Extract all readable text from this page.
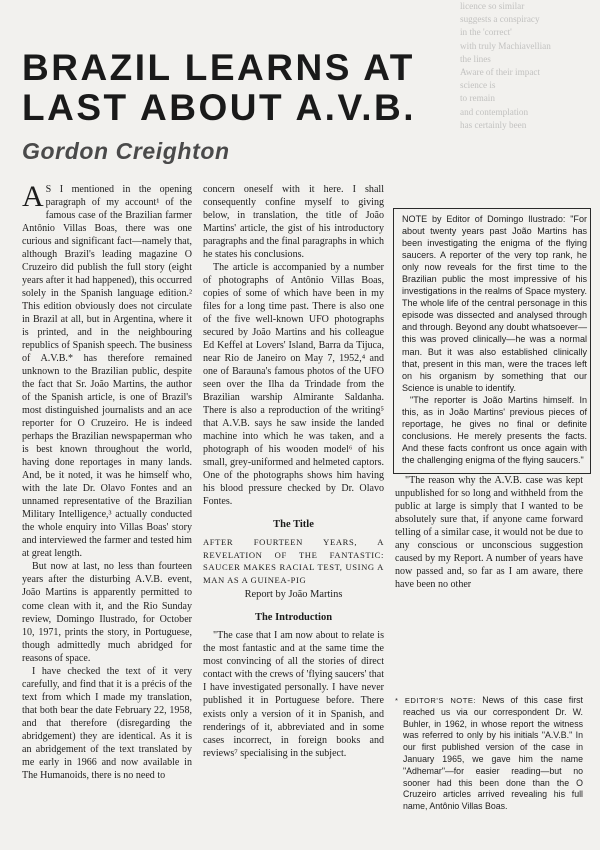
licence so similar
suggests a conspiracy
in the 'correct'
with truly Machiavellian
the lines
Aware of their impact
science is
to remain
and contemplation
has certainly been
BRAZIL LEARNS AT LAST ABOUT A.V.B.
Gordon Creighton

A S I mentioned in the opening paragraph of my account¹ of the famous case of the Brazilian farmer Antônio Villas Boas, there was one curious and significant fact—namely that, although Brazil's leading magazine O Cruzeiro did publish the full story (eight years after it had happened), this occurred solely in the Spanish language edition.² This edition obviously does not circulate in Brazil at all, but in Argentina, where it is printed, and in the neighbouring republics of Spanish speech. The business of A.V.B.* has therefore remained unknown to the Brazilian public, despite the fact that Sr. João Martins, the author of the Spanish article, is one of Brazil's most distinguished journalists and an ace reporter for O Cruzeiro. He is indeed perhaps the Brazilian newspaperman who is best known throughout the world, having done reportages in many lands. And, be it noted, it was he himself who, with the late Dr. Olavo Fontes and an unnamed representative of the Brazilian Military Intelligence,³ actually conducted the whole enquiry into Villas Boas' story and interviewed the farmer and tested him at great length.

But now at last, no less than fourteen years after the disturbing A.V.B. event, João Martins is apparently permitted to come clean with it, and the Rio Sunday review, Domingo Ilustrado, for October 10, 1971, prints the story, in Portuguese, though admittedly much abridged for reasons of space.

I have checked the text of it very carefully, and find that it is a précis of the text from which I made my translation, that both bear the date February 22, 1958, and that therefore (disregarding the abridgement) they are identical. As it is an abridgement of the text translated by me early in 1966 and now available in The Humanoids, there is no need to

concern oneself with it here. I shall consequently confine myself to giving below, in translation, the title of João Martins' article, the gist of his introductory paragraphs and the final paragraphs in which he states his conclusions.

The article is accompanied by a number of photographs of Antônio Villas Boas, copies of some of which have been in my files for a long time past. There is also one of the five well-known UFO photographs secured by João Martins and his colleague Ed Keffel at Lovers' Island, Barra da Tijuca, near Rio de Janeiro on May 7, 1952,⁴ and one of Barauna's famous photos of the UFO seen over the Ilha da Trindade from the Brazilian warship Almirante Saldanha. There is also a reproduction of the writing⁵ that A.V.B. says he saw inside the landed machine into which he was taken, and a photograph of his wooden model⁶ of his small, grey-uniformed and helmeted captors. One of the photographs shows him having his blood pressure checked by Dr. Olavo Fontes.

The Title

AFTER FOURTEEN YEARS, A REVELATION OF THE FANTASTIC: SAUCER MAKES RACIAL TEST, USING A MAN AS A GUINEA-PIG

Report by João Martins
The Introduction

"The case that I am now about to relate is the most fantastic and at the same time the most convincing of all the stories of direct contact with the crews of 'flying saucers' that I have investigated personally. I have never published it in Portuguese before. There exists only a version of it in Spanish, and renderings of it, abbreviated and in some cases incorrect, in foreign books and reviews⁷ specialising in the subject.

NOTE by Editor of Domingo Ilustrado: "For about twenty years past João Martins has been investigating the enigma of the flying saucers. A reporter of the very top rank, he only now reveals for the first time to the Brazilian public the most impressive of his investigations in the realms of Space mystery. The whole life of the central personage in this episode was dissected and analysed through and through. Beyond any doubt whatsoever—this was proved clinically—he was a normal man. But it was also established clinically that, present in this man, were the traces left on his organism by something that our Science is unable to identify.

"The reporter is João Martins himself. In this, as in João Martins' previous pieces of reportage, he gives no final or definite conclusions. He merely presents the facts. And these facts confront us once again with the challenging enigma of the flying saucers."

"The reason why the A.V.B. case was kept unpublished for so long and withheld from the public at large is simply that I wanted to be absolutely sure that, if anyone came forward telling of a similar case, it would not be due to any conscious or unconscious suggestion caused by my Report. A number of years have now passed and, so far as I am aware, there have been no other

* EDITOR'S NOTE: News of this case first reached us via our correspondent Dr. W. Buhler, in 1962, in whose report the witness was referred to only by his initials "A.V.B." In our first published version of the case in January 1965, we gave him the name "Adhemar"—for easier reading—but no sooner had this been done than the O Cruzeiro articles arrived revealing his full name, Antônio Villas Boas.
